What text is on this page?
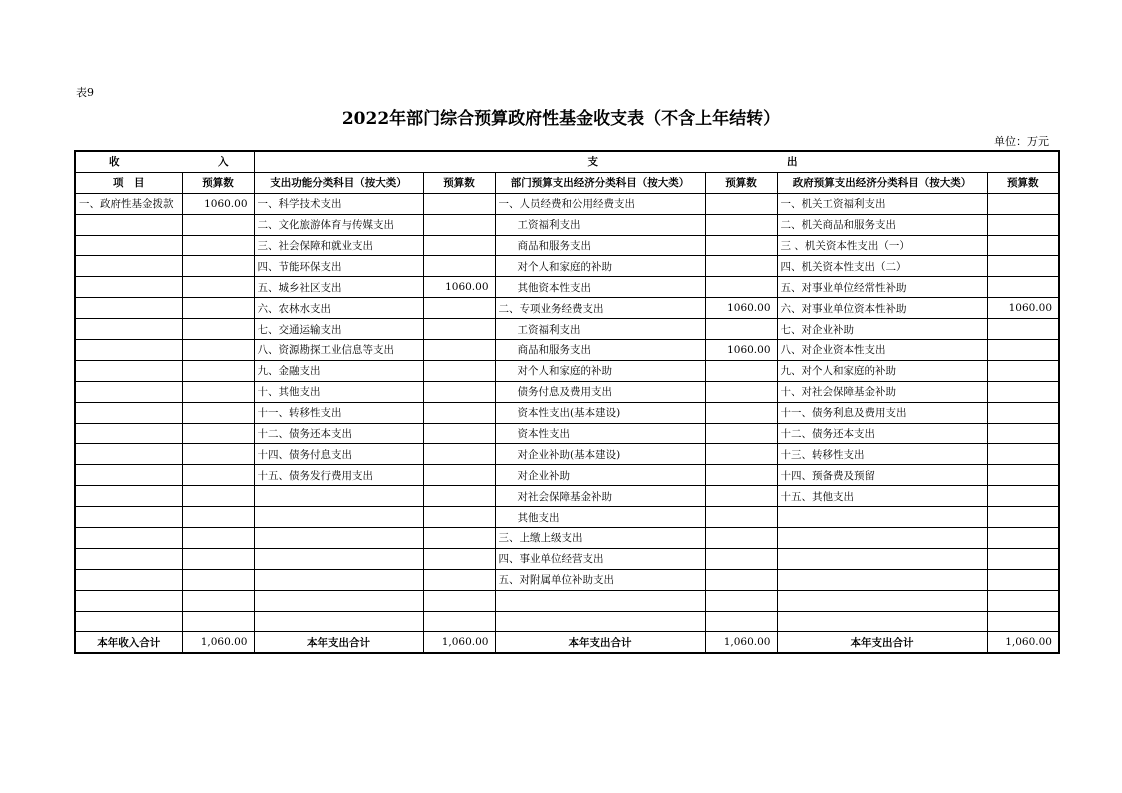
表9
2022年部门综合预算政府性基金收支表（不含上年结转）
单位：万元
收 入		支 出					

项　目	预算数	支出功能分类科目（按大类）	预算数	部门预算支出经济分类科目（按大类）	预算数	政府预算支出经济分类科目（按大类）	预算数
一、政府性基金拨款	1060.00	一、科学技术支出		一、人员经费和公用经费支出		一、机关工资福利支出	
		二、文化旅游体育与传媒支出		工资福利支出		二、机关商品和服务支出	
		三、社会保障和就业支出		商品和服务支出		三 、机关资本性支出（一）	
		四、节能环保支出		对个人和家庭的补助		四、机关资本性支出（二）	
		五、城乡社区支出	1060.00	其他资本性支出		五、对事业单位经常性补助	
		六、农林水支出		二、专项业务经费支出	1060.00	六、对事业单位资本性补助	1060.00
		七、交通运输支出		工资福利支出		七、对企业补助	
		八、资源勘探工业信息等支出		商品和服务支出	1060.00	八、对企业资本性支出	
		九、金融支出		对个人和家庭的补助		九、对个人和家庭的补助	
		十、其他支出		债务付息及费用支出		十、对社会保障基金补助	
		十一、转移性支出		资本性支出(基本建设)		十一、债务利息及费用支出	
		十二、债务还本支出		资本性支出		十二、债务还本支出	
		十四、债务付息支出		对企业补助(基本建设)		十三、转移性支出	
		十五、债务发行费用支出		对企业补助		十四、预备费及预留	
				对社会保障基金补助		十五、其他支出	
				其他支出			
				三、上缴上级支出			
				四、事业单位经营支出			
				五、对附属单位补助支出			

本年收入合计	1,060.00	本年支出合计	1,060.00	本年支出合计	1,060.00	本年支出合计	1,060.00
